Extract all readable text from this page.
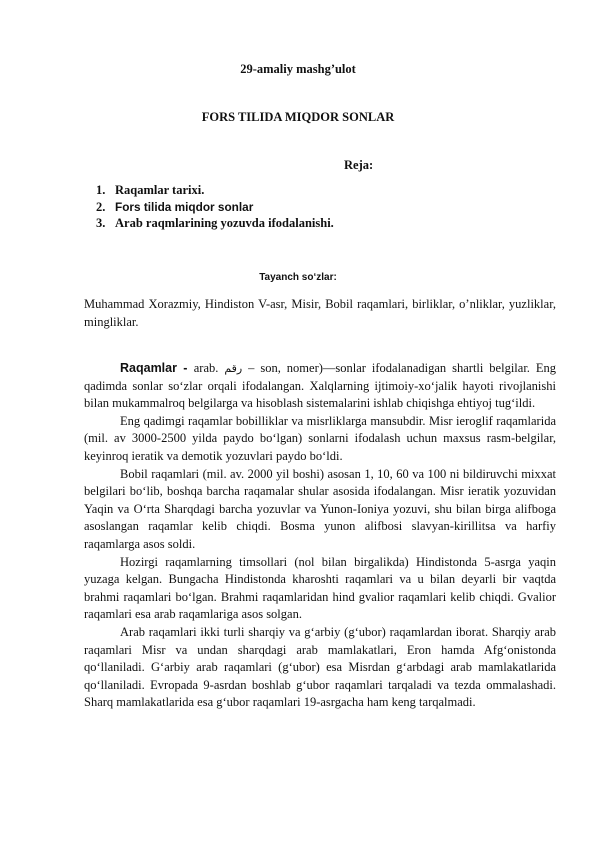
29-amaliy mashg’ulot
FORS TILIDA MIQDOR SONLAR
Reja:
1. Raqamlar tarixi.
2. Fors tilida miqdor sonlar
3. Arab raqmlarining yozuvda ifodalanishi.
Tayanch so‘zlar:
Muhammad Xorazmiy, Hindiston V-asr, Misir, Bobil raqamlari, birliklar, o’nliklar, yuzliklar, mingliklar.

Raqamlar - arab. رقم – son, nomer)—sonlar ifodalanadigan shartli belgilar. Eng qadimda sonlar so‘zlar orqali ifodalangan. Xalqlarning ijtimoiy-xo‘jalik hayoti rivojlanishi bilan mukammalroq belgilarga va hisoblash sistemalarini ishlab chiqishga ehtiyoj tug‘ildi.

Eng qadimgi raqamlar bobilliklar va misrliklarga mansubdir. Misr ieroglif raqamlarida (mil. av 3000-2500 yilda paydo bo‘lgan) sonlarni ifodalash uchun maxsus rasm-belgilar, keyinroq ieratik va demotik yozuvlari paydo bo‘ldi.

Bobil raqamlari (mil. av. 2000 yil boshi) asosan 1, 10, 60 va 100 ni bildiruvchi mixxat belgilari bo‘lib, boshqa barcha raqamalar shular asosida ifodalangan. Misr ieratik yozuvidan Yaqin va O‘rta Sharqdagi barcha yozuvlar va Yunon-Ioniya yozuvi, shu bilan birga alifboga asoslangan raqamlar kelib chiqdi. Bosma yunon alifbosi slavyan-kirillitsa va harfiy raqamlarga asos soldi.

Hozirgi raqamlarning timsollari (nol bilan birgalikda) Hindistonda 5-asrga yaqin yuzaga kelgan. Bungacha Hindistonda kharoshti raqamlari va u bilan deyarli bir vaqtda brahmi raqamlari bo‘lgan. Brahmi raqamlaridan hind gvalior raqamlari kelib chiqdi. Gvalior raqamlari esa arab raqamlariga asos solgan.

Arab raqamlari ikki turli sharqiy va g‘arbiy (g‘ubor) raqamlardan iborat. Sharqiy arab raqamlari Misr va undan sharqdagi arab mamlakatlari, Eron hamda Afg‘onistonda qo‘llaniladi. G‘arbiy arab raqamlari (g‘ubor) esa Misrdan g‘arbdagi arab mamlakatlarida qo‘llaniladi. Evropada 9-asrdan boshlab g‘ubor raqamlari tarqaladi va tezda ommalashadi. Sharq mamlakatlarida esa g‘ubor raqamlari 19-asrgacha ham keng tarqalmadi.
